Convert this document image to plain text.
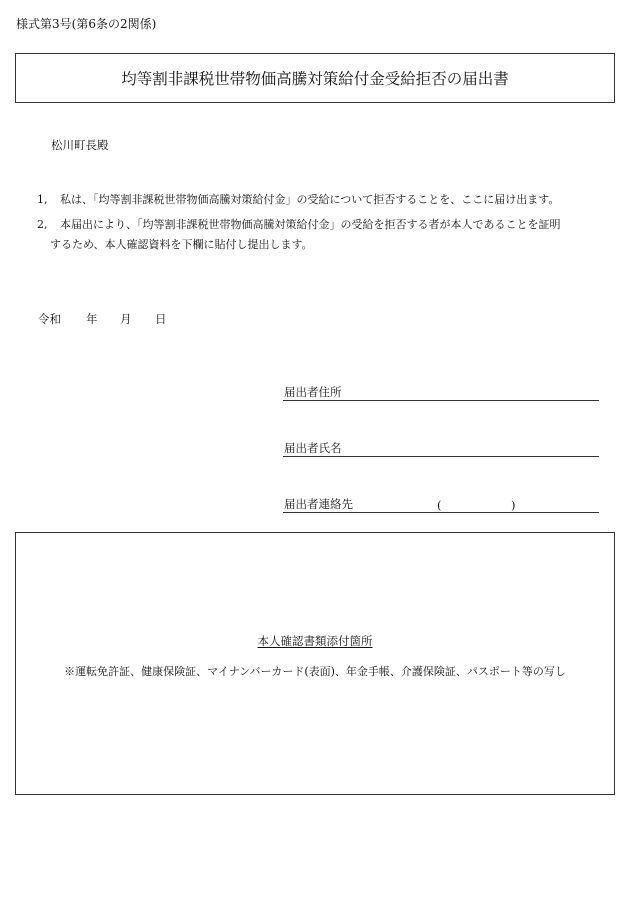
様式第3号(第6条の2関係)
均等割非課税世帯物価高騰対策給付金受給拒否の届出書
松川町長殿
1, 私は、「均等割非課税世帯物価高騰対策給付金」の受給について拒否することを、ここに届け出ます。
2, 本届出により、「均等割非課税世帯物価高騰対策給付金」の受給を拒否する者が本人であることを証明
するため、本人確認資料を下欄に貼付し提出します。
令和 年 月 日
届出者住所
届出者氏名
届出者連絡先	(	)
本人確認書類添付箇所
※運転免許証、健康保険証、マイナンバーカード(表面)、年金手帳、介護保険証、パスポート等の写し
